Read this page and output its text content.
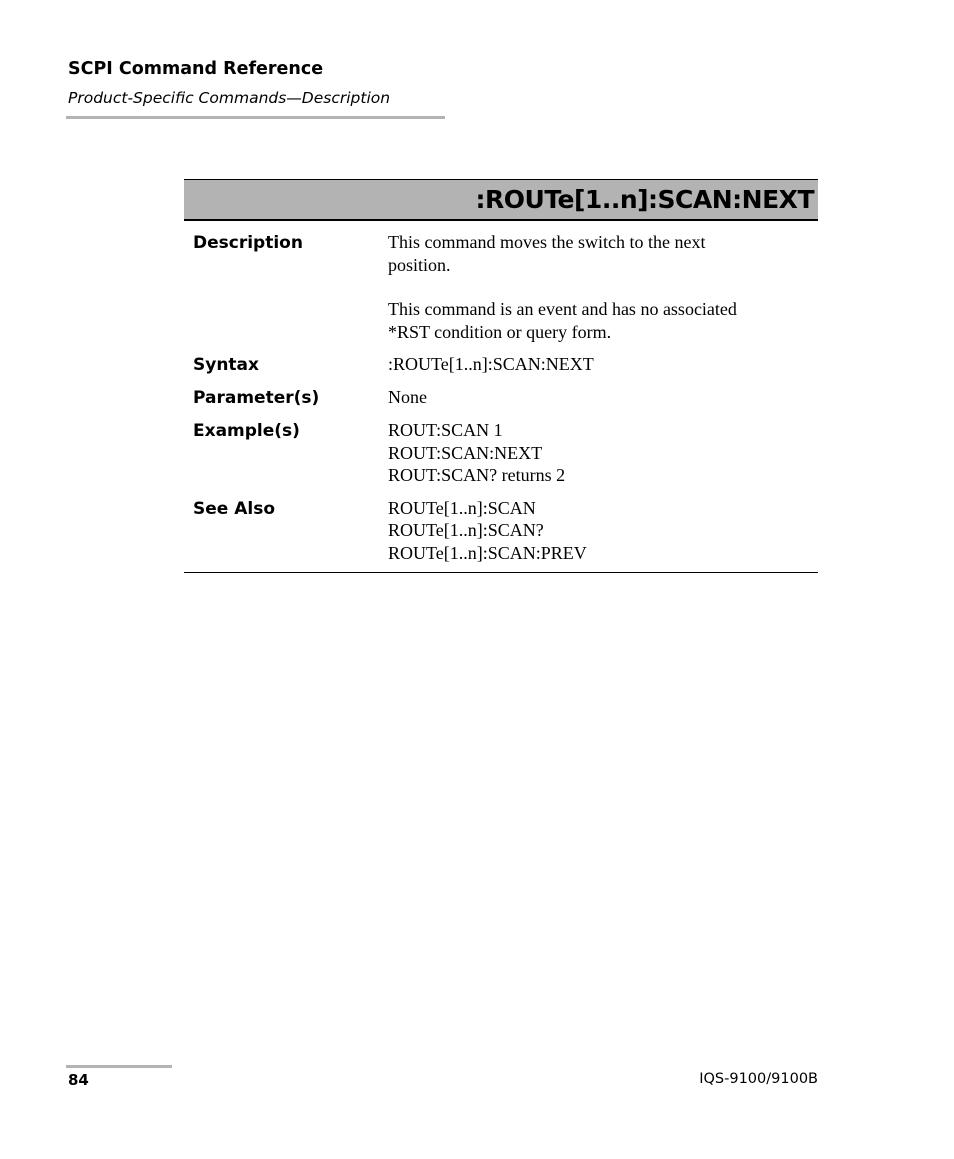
SCPI Command Reference
Product-Specific Commands—Description
:ROUTe[1..n]:SCAN:NEXT
Description	This command moves the switch to the next
position.
This command is an event and has no associated
*RST condition or query form.
Syntax	:ROUTe[1..n]:SCAN:NEXT
Parameter(s)	None
Example(s)	ROUT:SCAN 1
ROUT:SCAN:NEXT
ROUT:SCAN? returns 2
See Also	ROUTe[1..n]:SCAN
ROUTe[1..n]:SCAN?
ROUTe[1..n]:SCAN:PREV
84	IQS-9100/9100B
